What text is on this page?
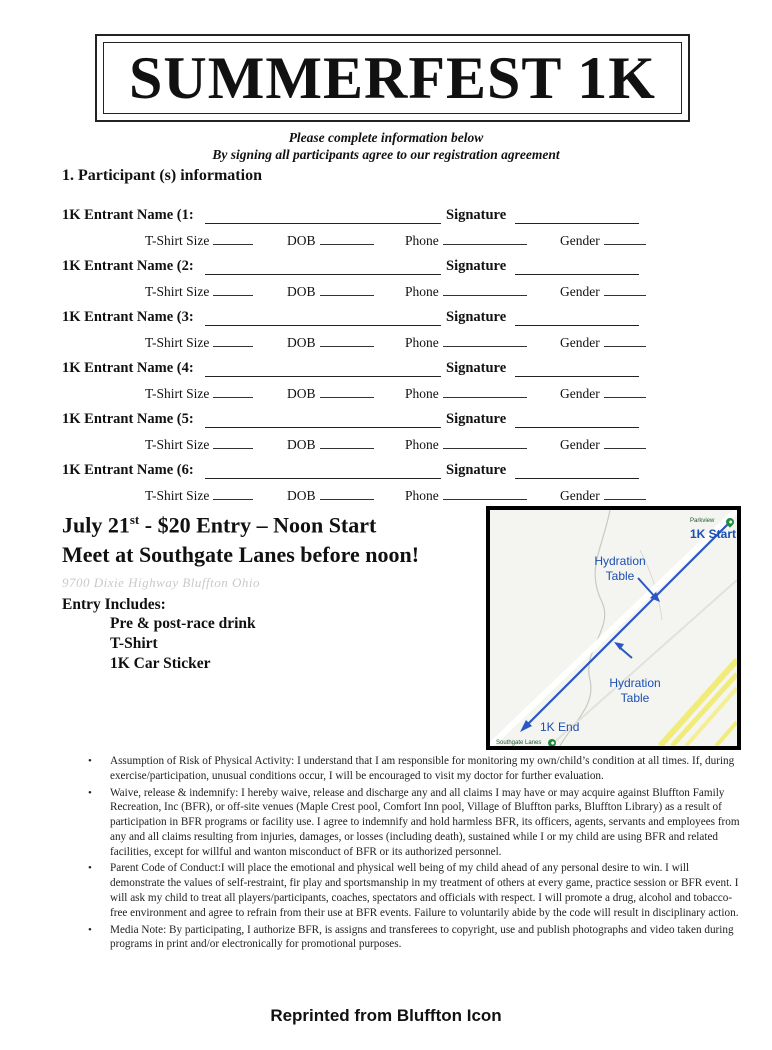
SUMMERFEST 1K
Please complete information below
By signing all participants agree to our registration agreement
1. Participant (s) information
1K Entrant Name (1:	Signature
T-Shirt Size	DOB	Phone	Gender
1K Entrant Name (2:	Signature
T-Shirt Size	DOB	Phone	Gender
1K Entrant Name (3:	Signature
T-Shirt Size	DOB	Phone	Gender
1K Entrant Name (4:	Signature
T-Shirt Size	DOB	Phone	Gender
1K Entrant Name (5:	Signature
T-Shirt Size	DOB	Phone	Gender
1K Entrant Name (6:	Signature
T-Shirt Size	DOB	Phone	Gender
July 21st - $20 Entry – Noon Start
Meet at Southgate Lanes before noon!
9700 Dixie Highway Bluffton Ohio
Entry Includes:
Pre & post-race drink
T-Shirt
1K Car Sticker
Parkview
1K Start
Hydration Table
Hydration Table
1K End
Southgate Lanes
• Assumption of Risk of Physical Activity: I understand that I am responsible for monitoring my own/child’s condition at all times. If, during exercise/participation, unusual conditions occur, I will be encouraged to visit my doctor for further evaluation.
• Waive, release & indemnify: I hereby waive, release and discharge any and all claims I may have or may acquire against Bluffton Family Recreation, Inc (BFR), or off-site venues (Maple Crest pool, Comfort Inn pool, Village of Bluffton parks, Bluffton Library) as a result of participation in BFR programs or facility use. I agree to indemnify and hold harmless BFR, its officers, agents, servants and employees from any and all claims resulting from injuries, damages, or losses (including death), sustained while I or my child are using BFR and related facilities, except for willful and wanton misconduct of BFR or its authorized personnel.
• Parent Code of Conduct:I will place the emotional and physical well being of my child ahead of any personal desire to win. I will demonstrate the values of self-restraint, fir play and sportsmanship in my treatment of others at every game, practice session or BFR event. I will ask my child to treat all players/participants, coaches, spectators and officials with respect. I will promote a drug, alcohol and tobacco-free environment and agree to refrain from their use at BFR events. Failure to voluntarily abide by the code will result in disciplinary action.
• Media Note: By participating, I authorize BFR, is assigns and transferees to copyright, use and publish photographs and video taken during programs in print and/or electronically for promotional purposes.
Reprinted from Bluffton Icon
